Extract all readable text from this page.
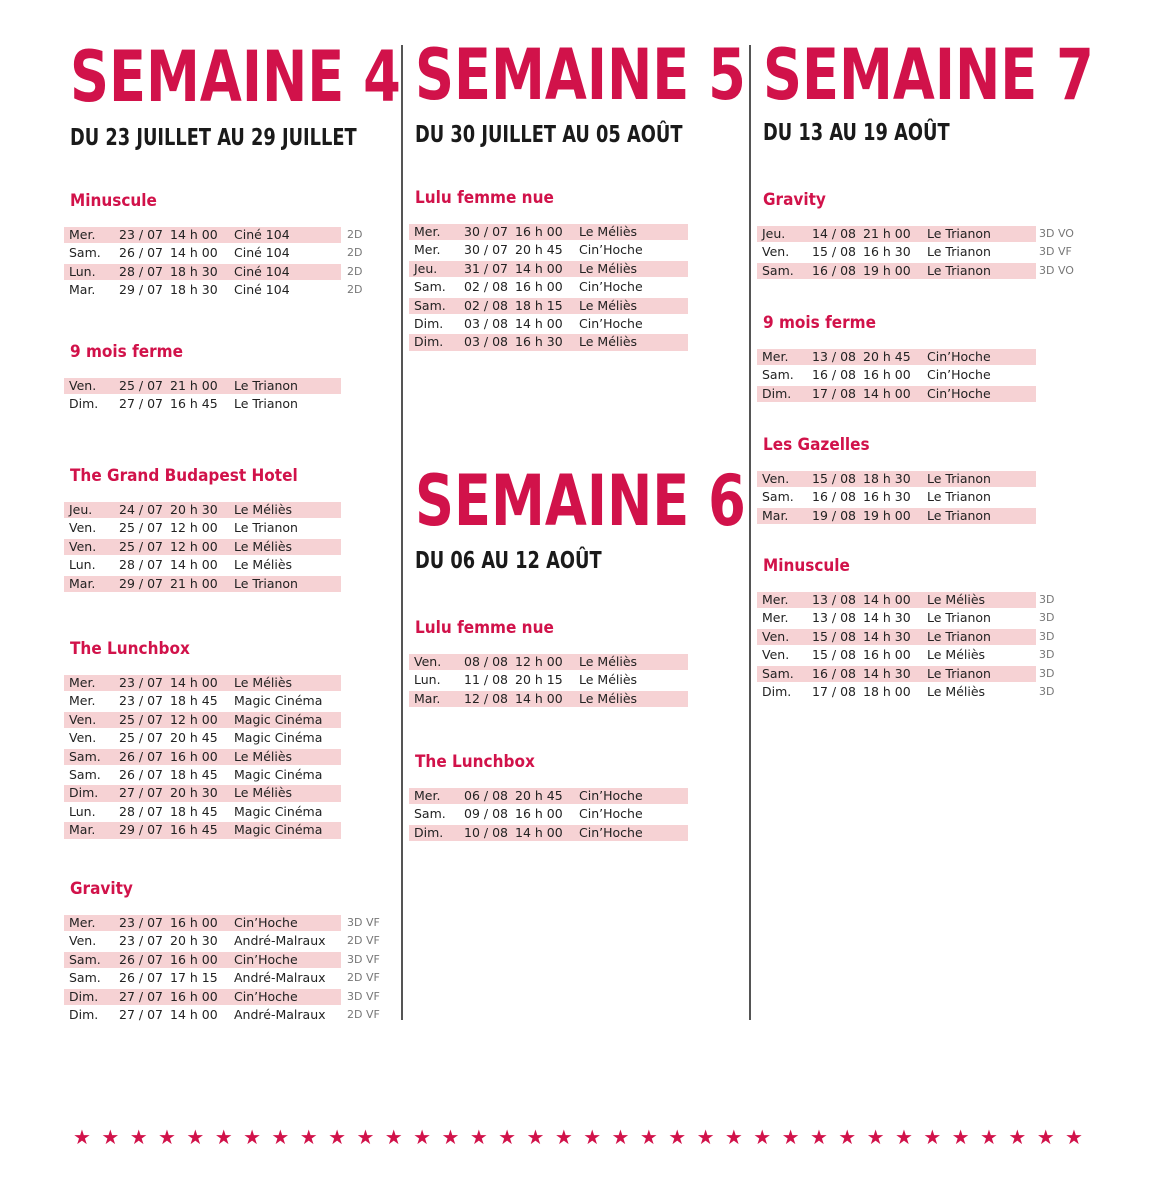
SEMAINE 4
DU 23 JUILLET AU 29 JUILLET
Minuscule
Mer. 23 / 07 14 h 00 Ciné 104	2D
Sam. 26 / 07 14 h 00 Ciné 104	2D
Lun. 28 / 07 18 h 30 Ciné 104	2D
Mar. 29 / 07 18 h 30 Ciné 104	2D
9 mois ferme
Ven. 25 / 07 21 h 00 Le Trianon
Dim. 27 / 07 16 h 45 Le Trianon
The Grand Budapest Hotel
Jeu. 24 / 07 20 h 30 Le Méliès
Ven. 25 / 07 12 h 00 Le Trianon
Ven. 25 / 07 12 h 00 Le Méliès
Lun. 28 / 07 14 h 00 Le Méliès
Mar. 29 / 07 21 h 00 Le Trianon
The Lunchbox
Mer. 23 / 07 14 h 00 Le Méliès
Mer. 23 / 07 18 h 45 Magic Cinéma
Ven. 25 / 07 12 h 00 Magic Cinéma
Ven. 25 / 07 20 h 45 Magic Cinéma
Sam. 26 / 07 16 h 00 Le Méliès
Sam. 26 / 07 18 h 45 Magic Cinéma
Dim. 27 / 07 20 h 30 Le Méliès
Lun. 28 / 07 18 h 45 Magic Cinéma
Mar. 29 / 07 16 h 45 Magic Cinéma
Gravity
Mer. 23 / 07 16 h 00 Cin’Hoche	3D VF
Ven. 23 / 07 20 h 30 André-Malraux 2D VF
Sam. 26 / 07 16 h 00 Cin’Hoche	3D VF
Sam. 26 / 07 17 h 15 André-Malraux 2D VF
Dim. 27 / 07 16 h 00 Cin’Hoche	3D VF
Dim. 27 / 07 14 h 00 André-Malraux 2D VF
SEMAINE 5
DU 30 JUILLET AU 05 AOÛT
Lulu femme nue
Mer. 30 / 07 16 h 00 Le Méliès
Mer. 30 / 07 20 h 45 Cin’Hoche
Jeu. 31 / 07 14 h 00 Le Méliès
Sam. 02 / 08 16 h 00 Cin’Hoche
Sam. 02 / 08 18 h 15 Le Méliès
Dim. 03 / 08 14 h 00 Cin’Hoche
Dim. 03 / 08 16 h 30 Le Méliès
SEMAINE 6
DU 06 AU 12 AOÛT
Lulu femme nue
Ven. 08 / 08 12 h 00 Le Méliès
Lun. 11 / 08 20 h 15 Le Méliès
Mar. 12 / 08 14 h 00 Le Méliès
The Lunchbox
Mer. 06 / 08 20 h 45 Cin’Hoche
Sam. 09 / 08 16 h 00 Cin’Hoche
Dim. 10 / 08 14 h 00 Cin’Hoche
SEMAINE 7
DU 13 AU 19 AOÛT
Gravity
Jeu. 14 / 08 21 h 00 Le Trianon	3D VO
Ven. 15 / 08 16 h 30 Le Trianon	3D VF
Sam. 16 / 08 19 h 00 Le Trianon	3D VO
9 mois ferme
Mer. 13 / 08 20 h 45 Cin’Hoche
Sam. 16 / 08 16 h 00 Cin’Hoche
Dim. 17 / 08 14 h 00 Cin’Hoche
Les Gazelles
Ven. 15 / 08 18 h 30 Le Trianon
Sam. 16 / 08 16 h 30 Le Trianon
Mar. 19 / 08 19 h 00 Le Trianon
Minuscule
Mer. 13 / 08 14 h 00 Le Méliès	3D
Mer. 13 / 08 14 h 30 Le Trianon	3D
Ven. 15 / 08 14 h 30 Le Trianon	3D
Ven. 15 / 08 16 h 00 Le Méliès	3D
Sam. 16 / 08 14 h 30 Le Trianon	3D
Dim. 17 / 08 18 h 00 Le Méliès	3D
★ ★ ★ ★ ★ ★ ★ ★ ★ ★ ★ ★ ★ ★ ★ ★ ★ ★ ★ ★ ★ ★ ★ ★ ★ ★ ★ ★ ★ ★ ★ ★ ★ ★ ★ ★
